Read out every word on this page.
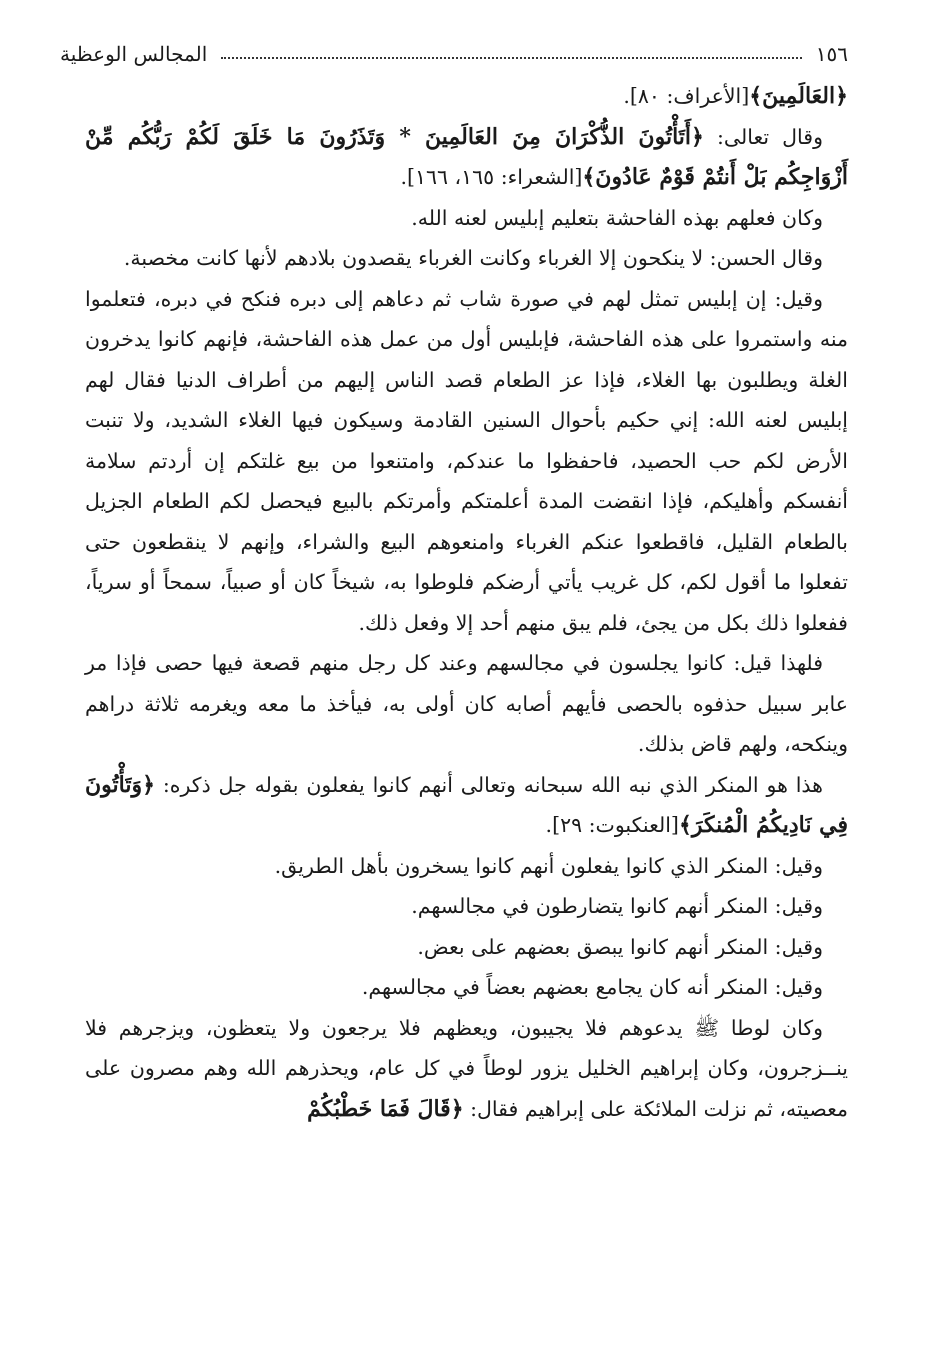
١٥٦
المجالس الوعظية

﴿العَالَمِينَ﴾[الأعراف: ٨٠].

وقال تعالى: ﴿أَتَأْتُونَ الذُّكْرَانَ مِنَ العَالَمِينَ * وَتَذَرُونَ مَا خَلَقَ لَكُمْ رَبُّكُم مِّنْ أَزْوَاجِكُم بَلْ أَنتُمْ قَوْمٌ عَادُونَ﴾[الشعراء: ١٦٥، ١٦٦].

وكان فعلهم بهذه الفاحشة بتعليم إبليس لعنه الله.

وقال الحسن: لا ينكحون إلا الغرباء وكانت الغرباء يقصدون بلادهم لأنها كانت مخصبة.

وقيل: إن إبليس تمثل لهم في صورة شاب ثم دعاهم إلى دبره فنكح في دبره، فتعلموا منه واستمروا على هذه الفاحشة، فإبليس أول من عمل هذه الفاحشة، فإنهم كانوا يدخرون الغلة ويطلبون بها الغلاء، فإذا عز الطعام قصد الناس إليهم من أطراف الدنيا فقال لهم إبليس لعنه الله: إني حكيم بأحوال السنين القادمة وسيكون فيها الغلاء الشديد، ولا تنبت الأرض لكم حب الحصيد، فاحفظوا ما عندكم، وامتنعوا من بيع غلتكم إن أردتم سلامة أنفسكم وأهليكم، فإذا انقضت المدة أعلمتكم وأمرتكم بالبيع فيحصل لكم الطعام الجزيل بالطعام القليل، فاقطعوا عنكم الغرباء وامنعوهم البيع والشراء، وإنهم لا ينقطعون حتى تفعلوا ما أقول لكم، كل غريب يأتي أرضكم فلوطوا به، شيخاً كان أو صبياً، سمحاً أو سرياً، ففعلوا ذلك بكل من يجئ، فلم يبق منهم أحد إلا وفعل ذلك.

فلهذا قيل: كانوا يجلسون في مجالسهم وعند كل رجل منهم قصعة فيها حصى فإذا مر عابر سبيل حذفوه بالحصى فأيهم أصابه كان أولى به، فيأخذ ما معه ويغرمه ثلاثة دراهم وينكحه، ولهم قاض بذلك.

هذا هو المنكر الذي نبه الله سبحانه وتعالى أنهم كانوا يفعلون بقوله جل ذكره: ﴿وَتَأْتُونَ فِي نَادِيكُمُ الْمُنكَرَ﴾[العنكبوت: ٢٩].

وقيل: المنكر الذي كانوا يفعلون أنهم كانوا يسخرون بأهل الطريق.

وقيل: المنكر أنهم كانوا يتضارطون في مجالسهم.

وقيل: المنكر أنهم كانوا يبصق بعضهم على بعض.

وقيل: المنكر أنه كان يجامع بعضهم بعضاً في مجالسهم.

وكان لوطا ﷺ يدعوهم فلا يجيبون، ويعظهم فلا يرجعون ولا يتعظون، ويزجرهم فلا ينــزجرون، وكان إبراهيم الخليل يزور لوطاً في كل عام، ويحذرهم الله وهم مصرون على معصيته، ثم نزلت الملائكة على إبراهيم فقال: ﴿قَالَ فَمَا خَطْبُكُمْ
